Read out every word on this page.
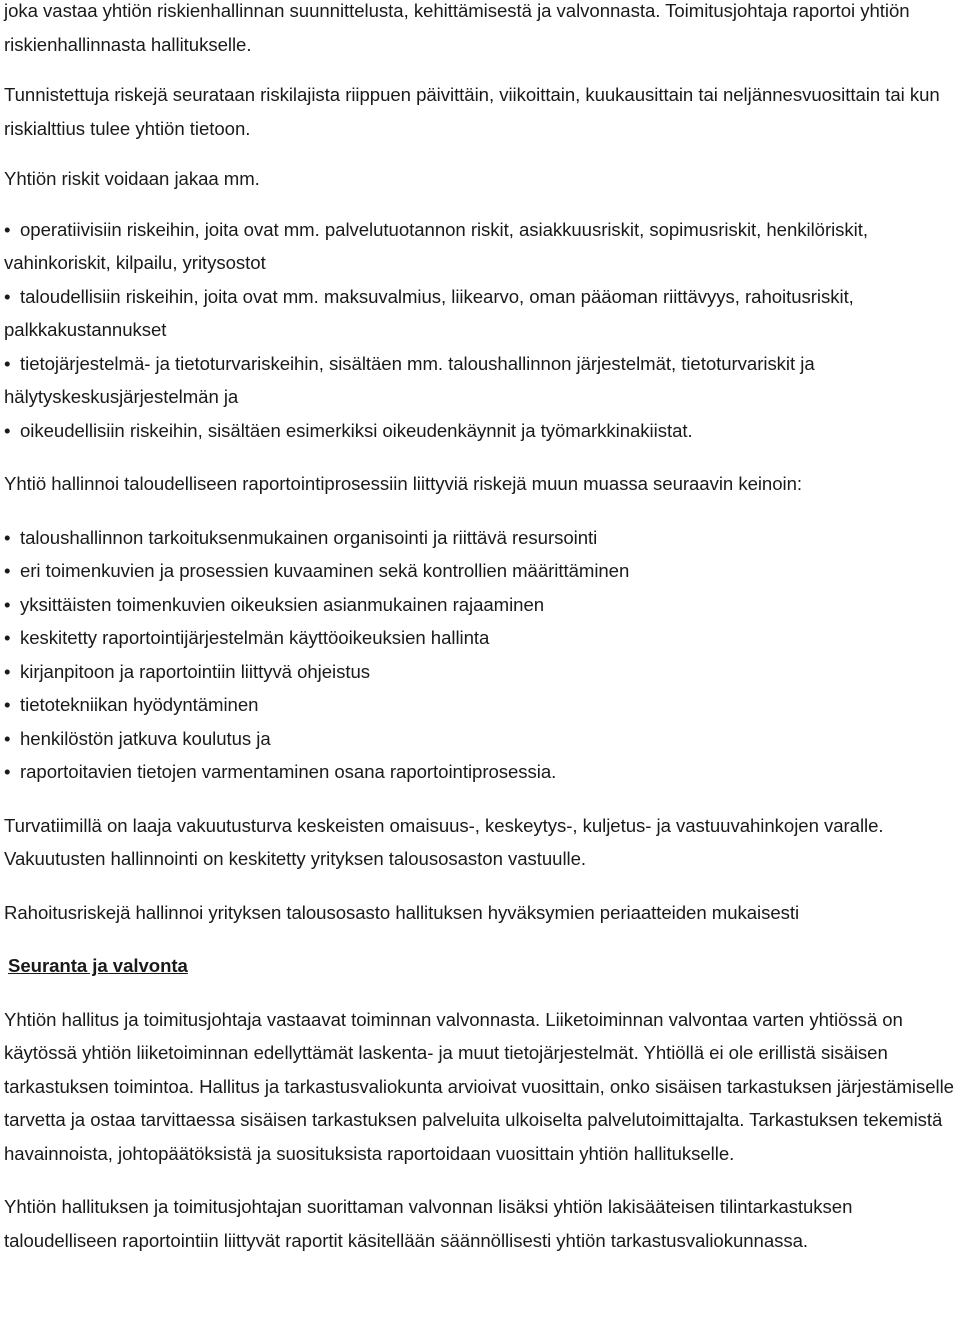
joka vastaa yhtiön riskienhallinnan suunnittelusta, kehittämisestä ja valvonnasta. Toimitusjohtaja raportoi yhtiön riskienhallinnasta hallitukselle.

Tunnistettuja riskejä seurataan riskilajista riippuen päivittäin, viikoittain, kuukausittain tai neljännesvuosittain tai kun riskialttius tulee yhtiön tietoon.

Yhtiön riskit voidaan jakaa mm.

• operatiivisiin riskeihin, joita ovat mm. palvelutuotannon riskit, asiakkuusriskit, sopimusriskit, henkilöriskit, vahinkoriskit, kilpailu, yritysostot

• taloudellisiin riskeihin, joita ovat mm. maksuvalmius, liikearvo, oman pääoman riittävyys, rahoitusriskit, palkkakustannukset

• tietojärjestelmä- ja tietoturvariskeihin, sisältäen mm. taloushallinnon järjestelmät, tietoturvariskit ja hälytyskeskusjärjestelmän ja

• oikeudellisiin riskeihin, sisältäen esimerkiksi oikeudenkäynnit ja työmarkkinakiistat.

Yhtiö hallinnoi taloudelliseen raportointiprosessiin liittyviä riskejä muun muassa seuraavin keinoin:

• taloushallinnon tarkoituksenmukainen organisointi ja riittävä resursointi

• eri toimenkuvien ja prosessien kuvaaminen sekä kontrollien määrittäminen

• yksittäisten toimenkuvien oikeuksien asianmukainen rajaaminen

• keskitetty raportointijärjestelmän käyttöoikeuksien hallinta

• kirjanpitoon ja raportointiin liittyvä ohjeistus

• tietotekniikan hyödyntäminen

• henkilöstön jatkuva koulutus ja

• raportoitavien tietojen varmentaminen osana raportointiprosessia.

Turvatiimillä on laaja vakuutusturva keskeisten omaisuus-, keskeytys-, kuljetus- ja vastuuvahinkojen varalle. Vakuutusten hallinnointi on keskitetty yrityksen talousosaston vastuulle.

Rahoitusriskejä hallinnoi yrityksen talousosasto hallituksen hyväksymien periaatteiden mukaisesti

Seuranta ja valvonta

Yhtiön hallitus ja toimitusjohtaja vastaavat toiminnan valvonnasta. Liiketoiminnan valvontaa varten yhtiössä on käytössä yhtiön liiketoiminnan edellyttämät laskenta- ja muut tietojärjestelmät. Yhtiöllä ei ole erillistä sisäisen tarkastuksen toimintoa. Hallitus ja tarkastusvaliokunta arvioivat vuosittain, onko sisäisen tarkastuksen järjestämiselle tarvetta ja ostaa tarvittaessa sisäisen tarkastuksen palveluita ulkoiselta palvelutoimittajalta. Tarkastuksen tekemistä havainnoista, johtopäätöksistä ja suosituksista raportoidaan vuosittain yhtiön hallitukselle.

Yhtiön hallituksen ja toimitusjohtajan suorittaman valvonnan lisäksi yhtiön lakisääteisen tilintarkastuksen taloudelliseen raportointiin liittyvät raportit käsitellään säännöllisesti yhtiön tarkastusvaliokunnassa.
